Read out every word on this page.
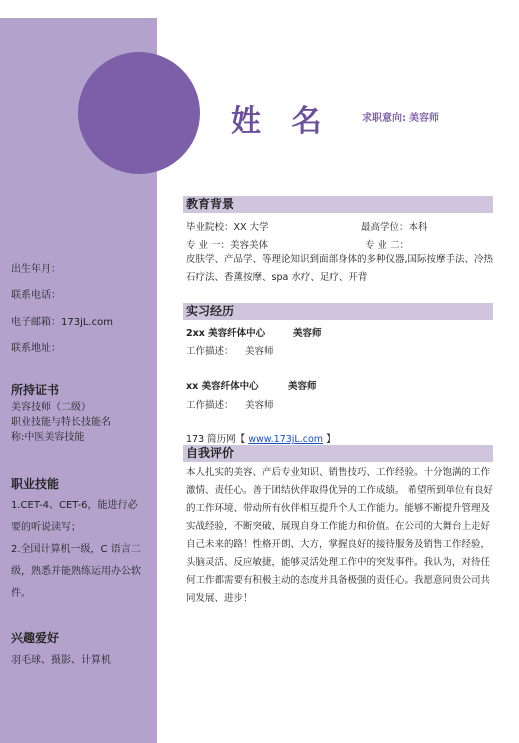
姓 名	求职意向: 美容师
出生年月：
联系电话：
电子邮箱：173jL.com
联系地址：
所持证书
美容技师（二级）
职业技能与特长技能名
称:中医美容技能
职业技能
1.CET-4、CET-6，能进行必要的听说读写；
2.全国计算机一级，C 语言二级，熟悉并能熟练运用办公软件。
兴趣爱好
羽毛球、摄影、计算机
教育背景
毕业院校：XX 大学	最高学位：本科
专 业 一：美容美体	专 业 二：
皮肤学、产品学、等理论知识到面部身体的多种仪器,国际按摩手法、冷热石疗法、香薰按摩、spa 水疗、足疗、开背
实习经历
2xx 美容纤体中心	美容师
工作描述： 美容师
xx 美容纤体中心	美容师
工作描述： 美容师
173 简历网【 www.173jL.com 】
自我评价
本人扎实的美容、产后专业知识、销售技巧、工作经验。十分饱满的工作激情、责任心。善于团结伙伴取得优异的工作成绩。 希望所到单位有良好的工作环境、带动所有伙伴相互提升个人工作能力。能够不断提升管理及实战经验，不断突破、展现自身工作能力和价值。在公司的大舞台上走好自己未来的路！性格开朗、大方，掌握良好的接待服务及销售工作经验，头脑灵活、反应敏捷，能够灵活处理工作中的突发事件。我认为，对待任何工作都需要有积极主动的态度并具备极强的责任心。我愿意同贵公司共同发展、进步！
